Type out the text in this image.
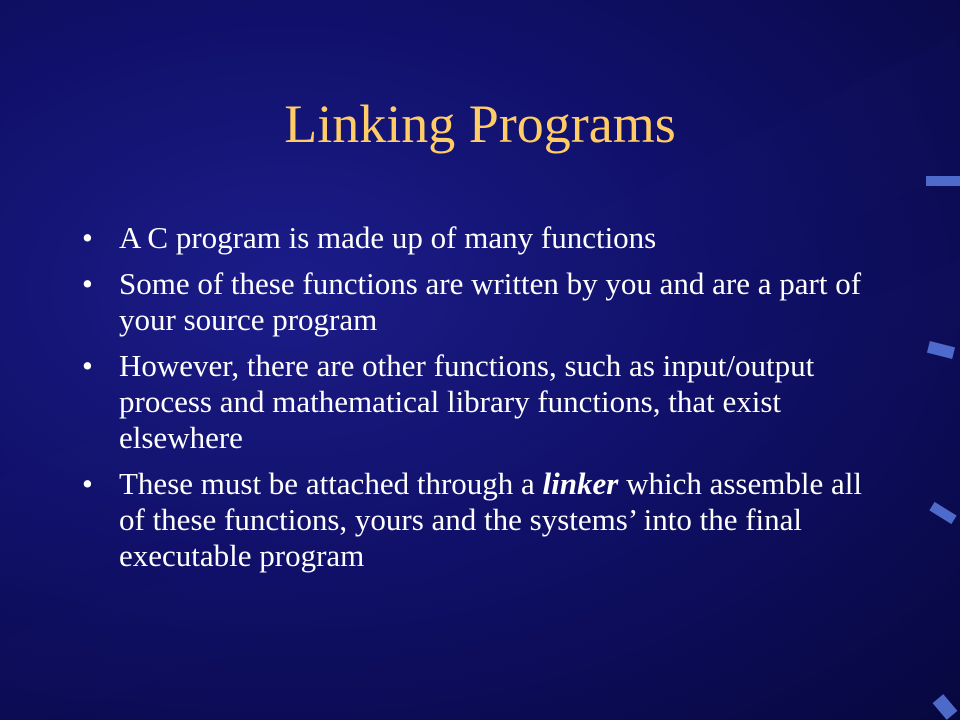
Linking Programs
• A C program is made up of many functions
• Some of these functions are written by you and are a part of your source program
• However, there are other functions, such as input/output process and mathematical library functions, that exist elsewhere
• These must be attached through a linker which assemble all of these functions, yours and the systems’ into the final executable program
